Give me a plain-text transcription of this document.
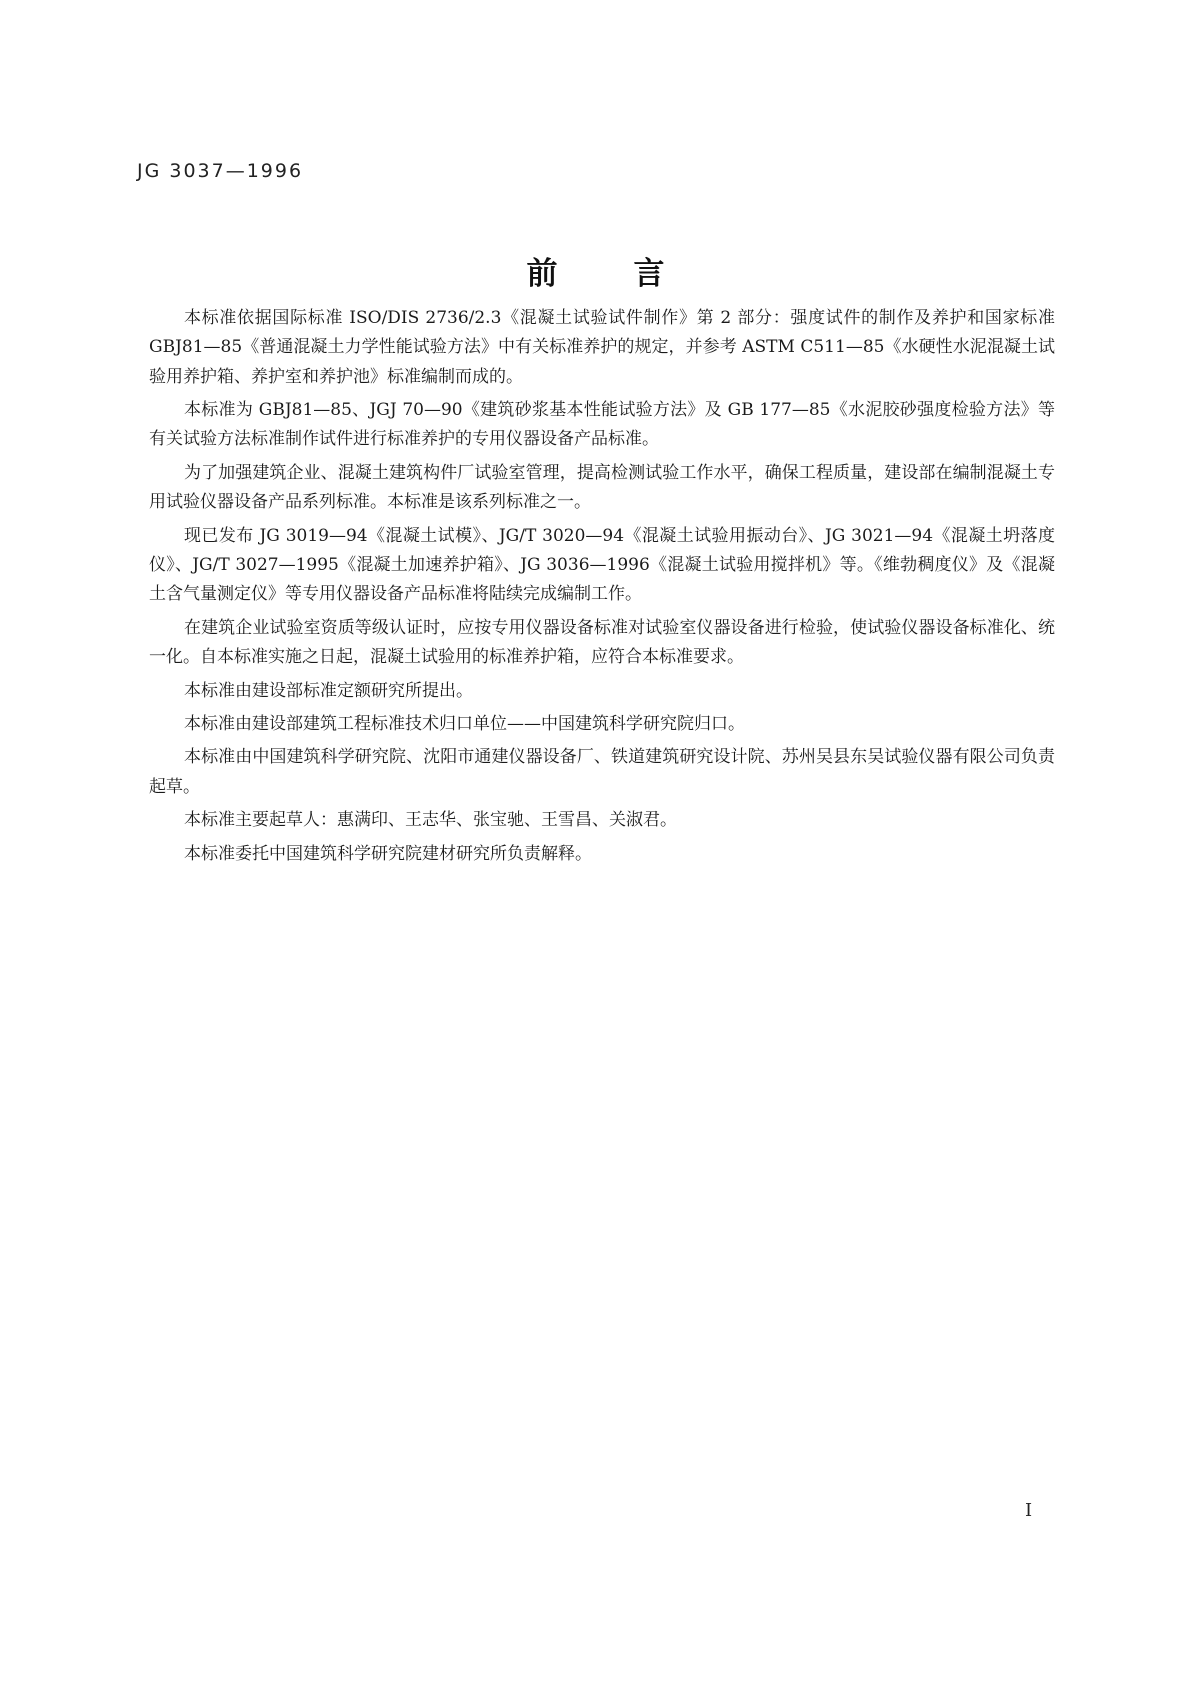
JG 3037—1996
前言

本标准依据国际标准 ISO/DIS 2736/2.3《混凝土试验试件制作》第 2 部分：强度试件的制作及养护和国家标准 GBJ81—85《普通混凝土力学性能试验方法》中有关标准养护的规定，并参考 ASTM C511—85《水硬性水泥混凝土试验用养护箱、养护室和养护池》标准编制而成的。

本标准为 GBJ81—85、JGJ 70—90《建筑砂浆基本性能试验方法》及 GB 177—85《水泥胶砂强度检验方法》等有关试验方法标准制作试件进行标准养护的专用仪器设备产品标准。

为了加强建筑企业、混凝土建筑构件厂试验室管理，提高检测试验工作水平，确保工程质量，建设部在编制混凝土专用试验仪器设备产品系列标准。本标准是该系列标准之一。

现已发布 JG 3019—94《混凝土试模》、JG/T 3020—94《混凝土试验用振动台》、JG 3021—94《混凝土坍落度仪》、JG/T 3027—1995《混凝土加速养护箱》、JG 3036—1996《混凝土试验用搅拌机》等。《维勃稠度仪》及《混凝土含气量测定仪》等专用仪器设备产品标准将陆续完成编制工作。

在建筑企业试验室资质等级认证时，应按专用仪器设备标准对试验室仪器设备进行检验，使试验仪器设备标准化、统一化。自本标准实施之日起，混凝土试验用的标准养护箱，应符合本标准要求。

本标准由建设部标准定额研究所提出。

本标准由建设部建筑工程标准技术归口单位——中国建筑科学研究院归口。

本标准由中国建筑科学研究院、沈阳市通建仪器设备厂、铁道建筑研究设计院、苏州吴县东吴试验仪器有限公司负责起草。

本标准主要起草人：惠满印、王志华、张宝驰、王雪昌、关淑君。

本标准委托中国建筑科学研究院建材研究所负责解释。

I
